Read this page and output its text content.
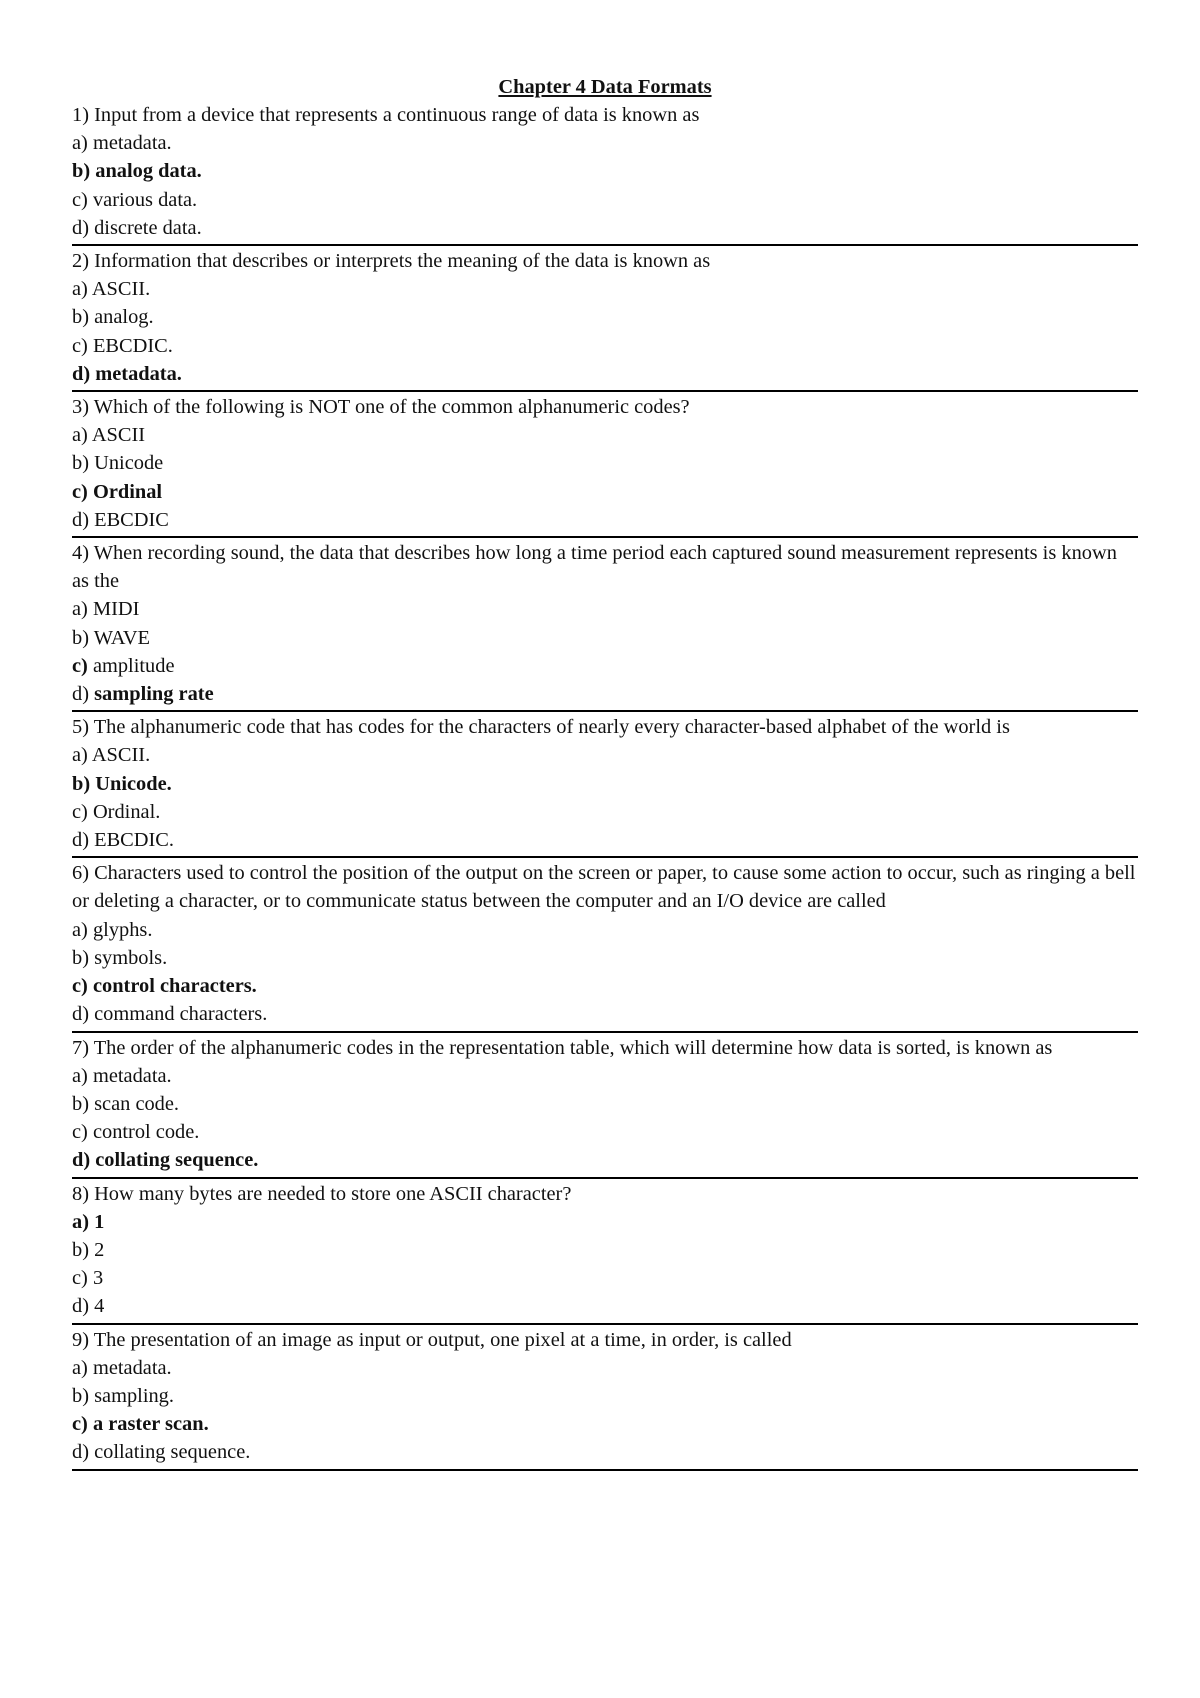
Chapter 4 Data Formats
1) Input from a device that represents a continuous range of data is known as
a) metadata.
b) analog data.
c) various data.
d) discrete data.
2) Information that describes or interprets the meaning of the data is known as
a) ASCII.
b) analog.
c) EBCDIC.
d) metadata.
3) Which of the following is NOT one of the common alphanumeric codes?
a) ASCII
b) Unicode
c) Ordinal
d) EBCDIC
4) When recording sound, the data that describes how long a time period each captured sound measurement represents is known as the
a) MIDI
b) WAVE
c) amplitude
d) sampling rate
5) The alphanumeric code that has codes for the characters of nearly every character-based alphabet of the world is
a) ASCII.
b) Unicode.
c) Ordinal.
d) EBCDIC.
6) Characters used to control the position of the output on the screen or paper, to cause some action to occur, such as ringing a bell or deleting a character, or to communicate status between the computer and an I/O device are called
a) glyphs.
b) symbols.
c) control characters.
d) command characters.
7) The order of the alphanumeric codes in the representation table, which will determine how data is sorted, is known as
a) metadata.
b) scan code.
c) control code.
d) collating sequence.
8) How many bytes are needed to store one ASCII character?
a) 1
b) 2
c) 3
d) 4
9) The presentation of an image as input or output, one pixel at a time, in order, is called
a) metadata.
b) sampling.
c) a raster scan.
d) collating sequence.
